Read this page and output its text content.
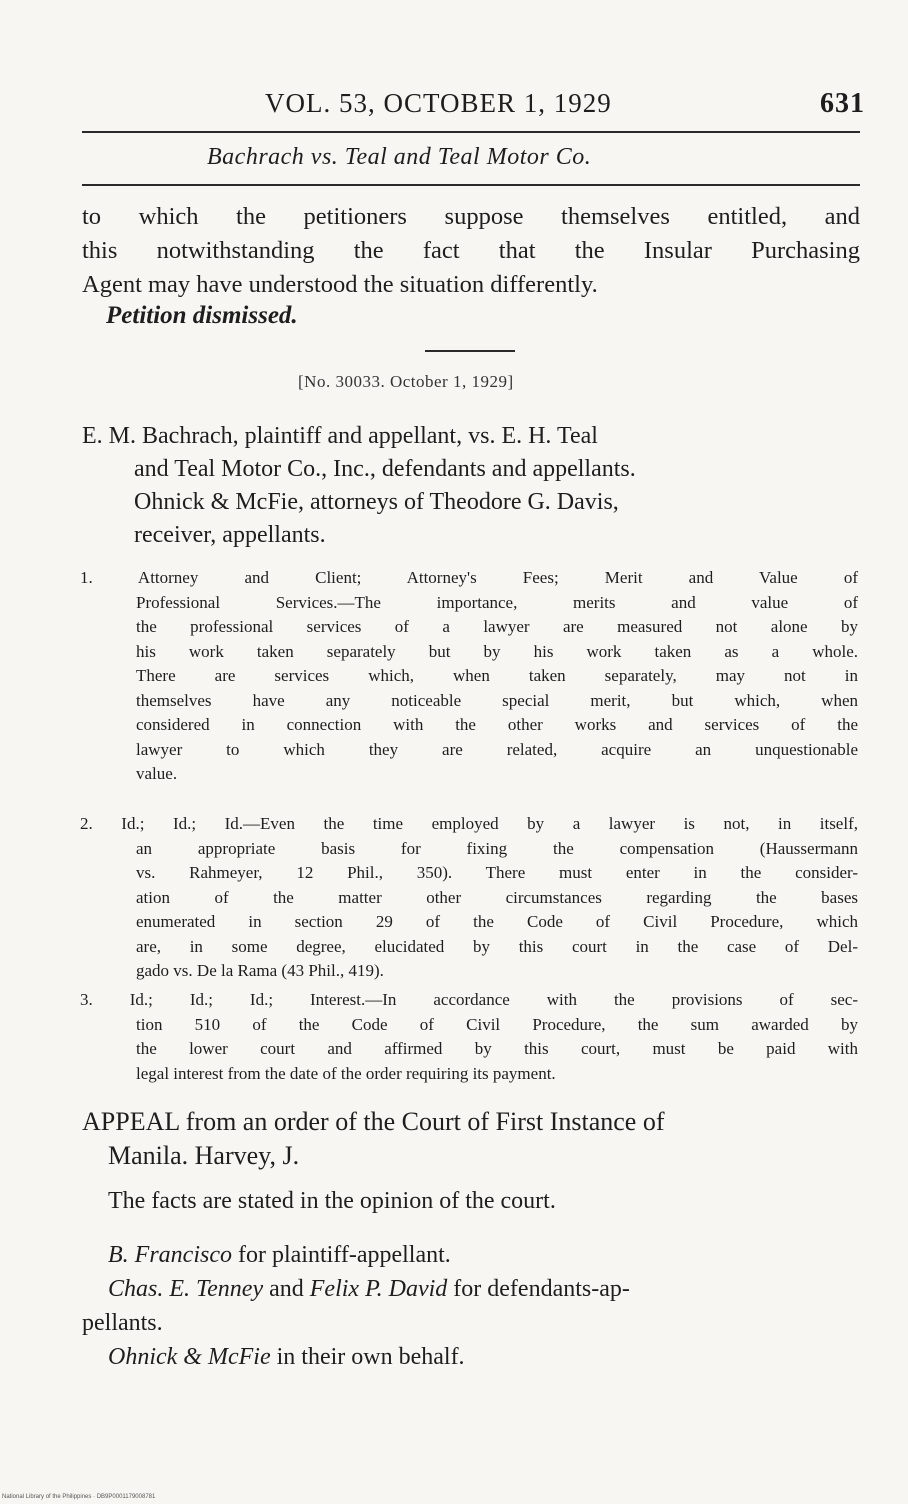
VOL. 53, OCTOBER 1, 1929	631
Bachrach vs. Teal and Teal Motor Co.
to which the petitioners suppose themselves entitled, and
this notwithstanding the fact that the Insular Purchasing
Agent may have understood the situation differently.
Petition dismissed.
[No. 30033. October 1, 1929]
E. M. Bachrach, plaintiff and appellant, vs. E. H. Teal
and Teal Motor Co., Inc., defendants and appellants.
Ohnick & McFie, attorneys of Theodore G. Davis,
receiver, appellants.
1. Attorney and Client; Attorney's Fees; Merit and Value of
Professional Services.—The importance, merits and value of
the professional services of a lawyer are measured not alone by
his work taken separately but by his work taken as a whole.
There are services which, when taken separately, may not in
themselves have any noticeable special merit, but which, when
considered in connection with the other works and services of the
lawyer to which they are related, acquire an unquestionable
value.
2. Id.; Id.; Id.—Even the time employed by a lawyer is not, in itself,
an appropriate basis for fixing the compensation (Haussermann
vs. Rahmeyer, 12 Phil., 350). There must enter in the consider-
ation of the matter other circumstances regarding the bases
enumerated in section 29 of the Code of Civil Procedure, which
are, in some degree, elucidated by this court in the case of Del-
gado vs. De la Rama (43 Phil., 419).
3. Id.; Id.; Id.; Interest.—In accordance with the provisions of sec-
tion 510 of the Code of Civil Procedure, the sum awarded by
the lower court and affirmed by this court, must be paid with
legal interest from the date of the order requiring its payment.
APPEAL from an order of the Court of First Instance of
Manila. Harvey, J.
The facts are stated in the opinion of the court.
B. Francisco for plaintiff-appellant.
Chas. E. Tenney and Felix P. David for defendants-ap-
pellants.
Ohnick & McFie in their own behalf.
National Library of the Philippines · DB9P0001179008781
